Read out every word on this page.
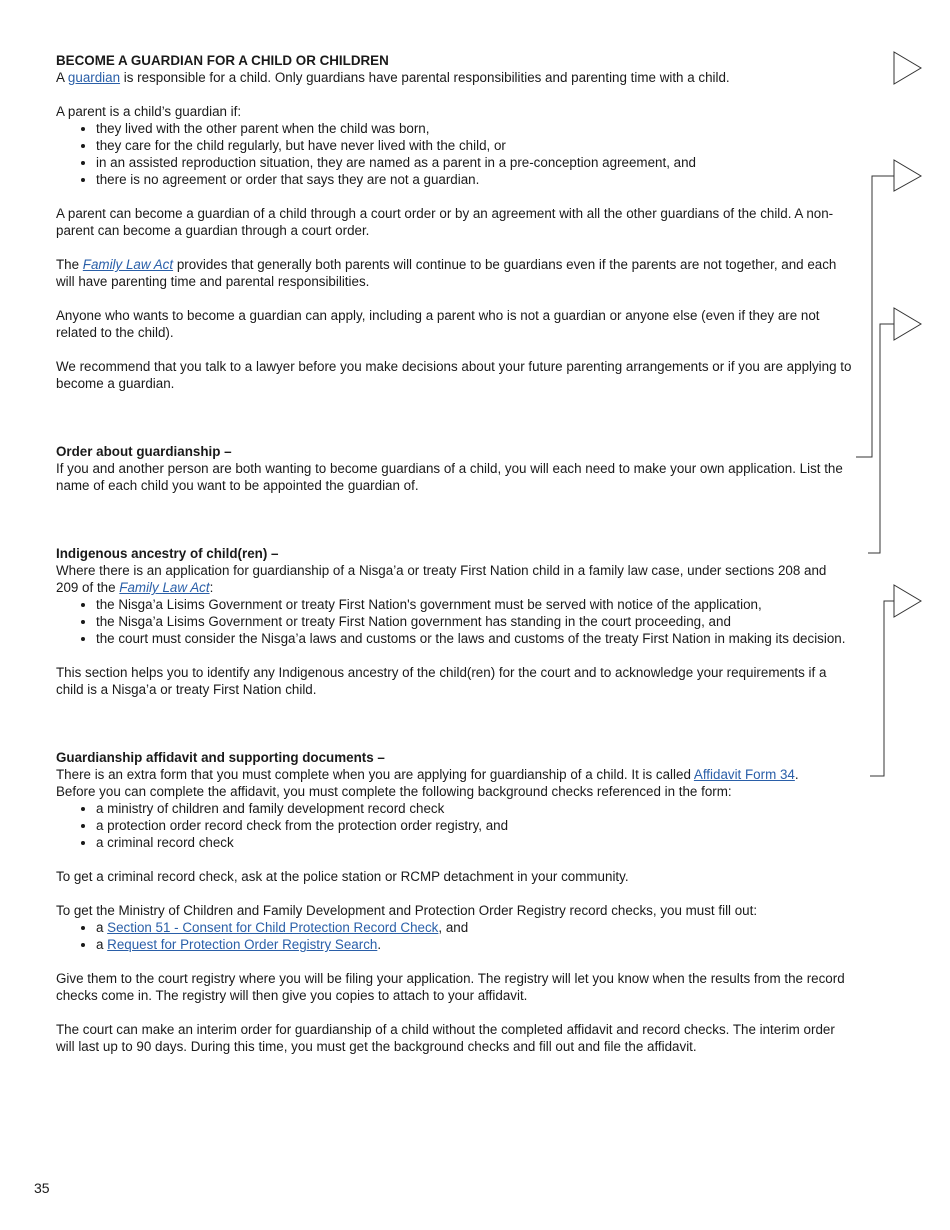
BECOME A GUARDIAN FOR A CHILD OR CHILDREN

A guardian is responsible for a child. Only guardians have parental responsibilities and parenting time with a child.

A parent is a child’s guardian if:

• they lived with the other parent when the child was born,
• they care for the child regularly, but have never lived with the child, or
• in an assisted reproduction situation, they are named as a parent in a pre-conception agreement, and
• there is no agreement or order that says they are not a guardian.

A parent can become a guardian of a child through a court order or by an agreement with all the other guardians of the child. A non-parent can become a guardian through a court order.

The Family Law Act provides that generally both parents will continue to be guardians even if the parents are not together, and each will have parenting time and parental responsibilities.

Anyone who wants to become a guardian can apply, including a parent who is not a guardian or anyone else (even if they are not related to the child).

We recommend that you talk to a lawyer before you make decisions about your future parenting arrangements or if you are applying to become a guardian.

Order about guardianship –

If you and another person are both wanting to become guardians of a child, you will each need to make your own application. List the name of each child you want to be appointed the guardian of.

Indigenous ancestry of child(ren) –

Where there is an application for guardianship of a Nisga’a or treaty First Nation child in a family law case, under sections 208 and 209 of the Family Law Act:

• the Nisga’a Lisims Government or treaty First Nation's government must be served with notice of the application,
• the Nisga’a Lisims Government or treaty First Nation government has standing in the court proceeding, and
• the court must consider the Nisga’a laws and customs or the laws and customs of the treaty First Nation in making its decision.

This section helps you to identify any Indigenous ancestry of the child(ren) for the court and to acknowledge your requirements if a child is a Nisga’a or treaty First Nation child.

Guardianship affidavit and supporting documents –

There is an extra form that you must complete when you are applying for guardianship of a child. It is called Affidavit Form 34.

Before you can complete the affidavit, you must complete the following background checks referenced in the form:

• a ministry of children and family development record check
• a protection order record check from the protection order registry, and
• a criminal record check

To get a criminal record check, ask at the police station or RCMP detachment in your community.

To get the Ministry of Children and Family Development and Protection Order Registry record checks, you must fill out:

• a Section 51 - Consent for Child Protection Record Check, and
• a Request for Protection Order Registry Search.

Give them to the court registry where you will be filing your application. The registry will let you know when the results from the record checks come in. The registry will then give you copies to attach to your affidavit.

The court can make an interim order for guardianship of a child without the completed affidavit and record checks. The interim order will last up to 90 days. During this time, you must get the background checks and fill out and file the affidavit.

35
